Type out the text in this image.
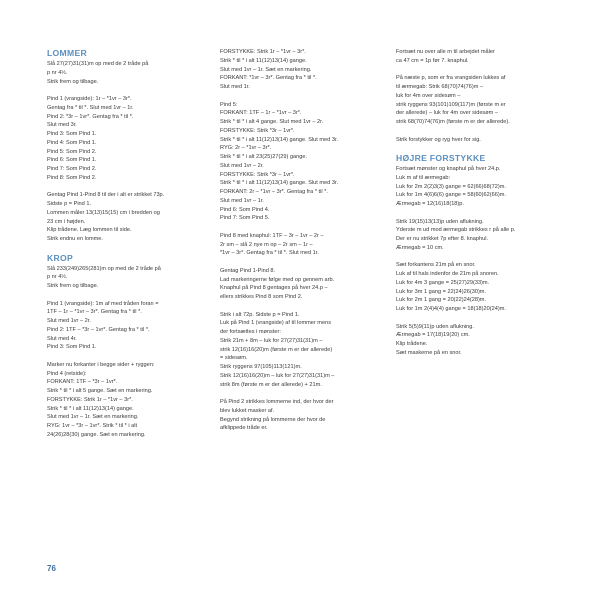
LOMMER
Slå 27(27)31(31)m op med de 2 tråde på
p nr 4½.
Strik frem og tilbage.
Pind 1 (vrangside): 1r – *1vr – 3r*.
Gentag fra * til *. Slut med 1vr – 1r.
Pind 2: *3r – 1vr*. Gentag fra * til *.
Slut med 3r.
Pind 3: Som Pind 1.
Pind 4: Som Pind 1.
Pind 5: Som Pind 2.
Pind 6: Som Pind 1.
Pind 7: Som Pind 2.
Pind 8: Som Pind 2.
Gentag Pind 1-Pind 8 til der i alt er strikket 73p.
Sidste p = Pind 1.
Lommen måler 13(13)15(15) cm i bredden og
23 cm i højden.
Klip trådene. Læg lommen til side.
Strik endnu en lomme.
KROP
Slå 233(249)265(281)m op med de 2 tråde på
p nr 4½.
Strik frem og tilbage.
Pind 1 (vrangside): 1m af med tråden foran =
1TF – 1r – *1vr – 3r*. Gentag fra * til *.
Slut med 1vr – 2r.
Pind 2: 1TF – *3r – 1vr*. Gentag fra * til *.
Slut med 4r.
Pind 3: Som Pind 1.
Marker nu forkanter i begge sider + ryggen:
Pind 4 (retside):
FORKANT: 1TF – *3r – 1vr*.
Strik * til * i alt 5 gange. Sæt en markering.
FORSTYKKE: Strik 1r – *1vr – 3r*.
Strik * til * i alt 11(12)13(14) gange.
Slut med 1vr – 1r. Sæt en markering.
RYG: 1vr – *3r – 1vr*. Strik * til * i alt
24(26)28(30) gange. Sæt en markering.
FORSTYKKE: Strik 1r – *1vr – 3r*.
Strik * til * i alt 11(12)13(14) gange.
Slut med 1vr – 1r. Sæt en markering.
FORKANT: *1vr – 3r*. Gentag fra * til *.
Slut med 1r.
Pind 5:
FORKANT: 1TF – 1r – *1vr – 3r*.
Strik * til * i alt 4 gange. Slut med 1vr – 2r.
FORSTYKKE: Strik *3r – 1vr*.
Strik * til * i alt 11(12)13(14) gange. Slut med 3r.
RYG: 2r – *1vr – 3r*.
Strik * til * i alt 23(25)27(29) gange.
Slut med 1vr – 2r.
FORSTYKKE: Strik *3r – 1vr*.
Strik * til * i alt 11(12)13(14) gange. Slut med 3r.
FORKANT: 2r – *1vr – 3r*. Gentag fra * til *.
Slut med 1vr – 1r.
Pind 6: Som Pind 4.
Pind 7: Som Pind 5.
Pind 8 med knaphul: 1TF – 3r – 1vr – 2r –
2r sm – slå 2 nye m op – 2r sm – 1r –
*1vr – 3r*. Gentag fra * til *. Slut med 1r.
Gentag Pind 1-Pind 8.
Lad markeringerne følge med op gennem arb.
Knaphul på Pind 8 gentages på hver 24.p –
ellers strikkes Pind 8 som Pind 2.
Strik i alt 72p. Sidste p = Pind 1.
Luk på Pind 1 (vrangside) af til lommer mens
der fortsættes i mønster:
Strik 21m + 8m – luk for 27(27)31(31)m –
strik 12(16)16(20)m (første m er der allerede)
= sidesøm.
Strik ryggens 97(105)113(121)m.
Strik 12(16)16(20)m – luk for 27(27)31(31)m –
strik 8m (første m er der allerede) + 21m.
På Pind 2 strikkes lommerne ind, der hvor der
blev lukket masker af.
Begynd strikning på lommerne der hvor de
afklippede tråde er.
Fortsæt nu over alle m til arbejdet måler
ca 47 cm = 1p før 7. knaphul.
På næste p, som er fra vrangsiden lukkes af
til ærmegab: Strik 68(70)74(76)m –
luk for 4m over sidesøm –
strik ryggens 93(101)109(117)m (første m er
der allerede) – luk for 4m over sidesøm –
strik 68(70)74(76)m (første m er der allerede).
Strik forstykker og ryg hver for sig.
HØJRE FORSTYKKE
Fortsæt mønster og knaphul på hver 24.p.
Luk m af til ærmegab:
Luk for 2m 2(2)3(3) gange = 62(66)68(72)m.
Luk for 1m 4(6)6(6) gange = 58(60)62(66)m.
Ærmegab = 12(16)18(18)p.
Strik 19(15)13(13)p uden aflukning.
Yderste m ud mod ærmegab strikkes r på alle p.
Der er nu strikket 7p efter 8. knaphul.
Ærmegab = 10 cm.
Sæt forkantens 21m på en snor.
Luk af til hals indenfor de 21m på snoren.
Luk for 4m 3 gange = 25(27)29(33)m.
Luk for 3m 1 gang = 22(24)26(30)m.
Luk for 2m 1 gang = 20(22)24(28)m.
Luk for 1m 2(4)4(4) gange = 18(18)20(24)m.
Strik 5(5)9(11)p uden aflukning.
Ærmegab = 17(18)19(20) cm.
Klip trådene.
Sæt maskerne på en snor.
76
